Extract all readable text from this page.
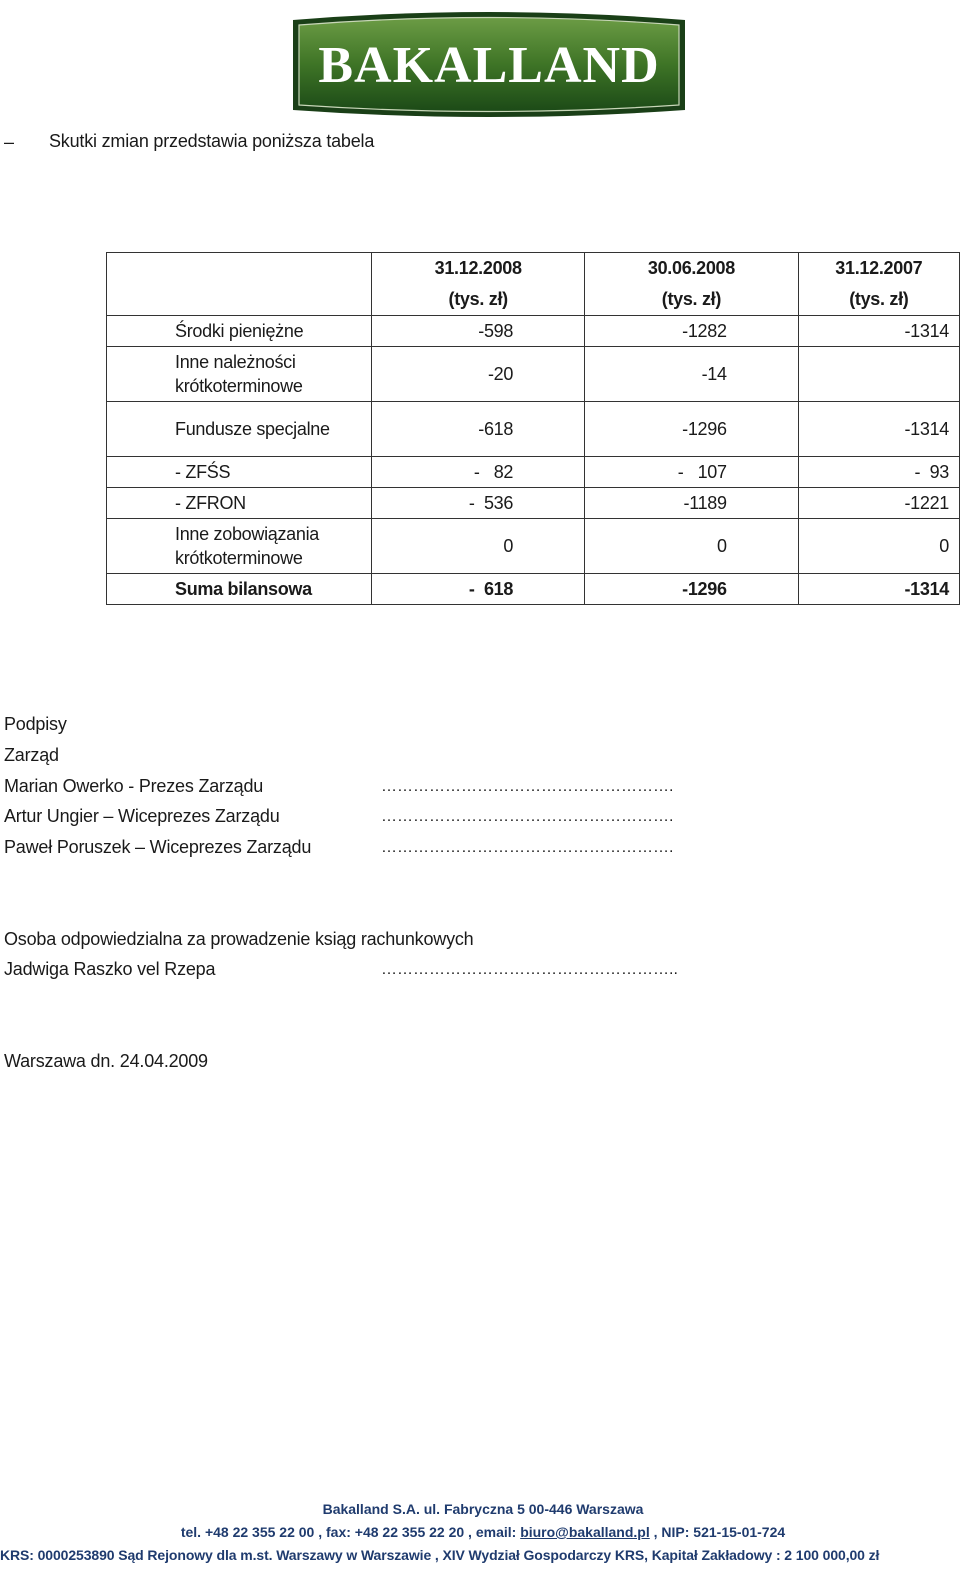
BAKALLAND
– Skutki zmian przedstawia poniższa tabela
	31.12.2008	30.06.2008	31.12.2007
	(tys. zł)	(tys. zł)	(tys. zł)
Środki pieniężne	-598	-1282	-1314
Inne należności krótkoterminowe	-20	-14	
Fundusze specjalne	-618	-1296	-1314
- ZFŚS	-   82	-   107	-  93
- ZFRON	-  536	-1189	-1221
Inne zobowiązania krótkoterminowe	0	0	0
Suma bilansowa	-  618	-1296	-1314
Podpisy
Zarząd
Marian Owerko - Prezes Zarządu	……………………………………………….
Artur Ungier – Wiceprezes Zarządu	……………………………………………….
Paweł Poruszek – Wiceprezes Zarządu	……………………………………………….
Osoba odpowiedzialna za prowadzenie ksiąg rachunkowych
Jadwiga Raszko vel Rzepa	………………………………………………..
Warszawa dn. 24.04.2009
Bakalland S.A. ul. Fabryczna 5 00-446 Warszawa
tel. +48 22 355 22 00 , fax: +48 22 355 22 20 , email: biuro@bakalland.pl , NIP: 521-15-01-724
KRS: 0000253890 Sąd Rejonowy dla m.st. Warszawy w Warszawie , XIV Wydział Gospodarczy KRS, Kapitał Zakładowy : 2 100 000,00 zł
